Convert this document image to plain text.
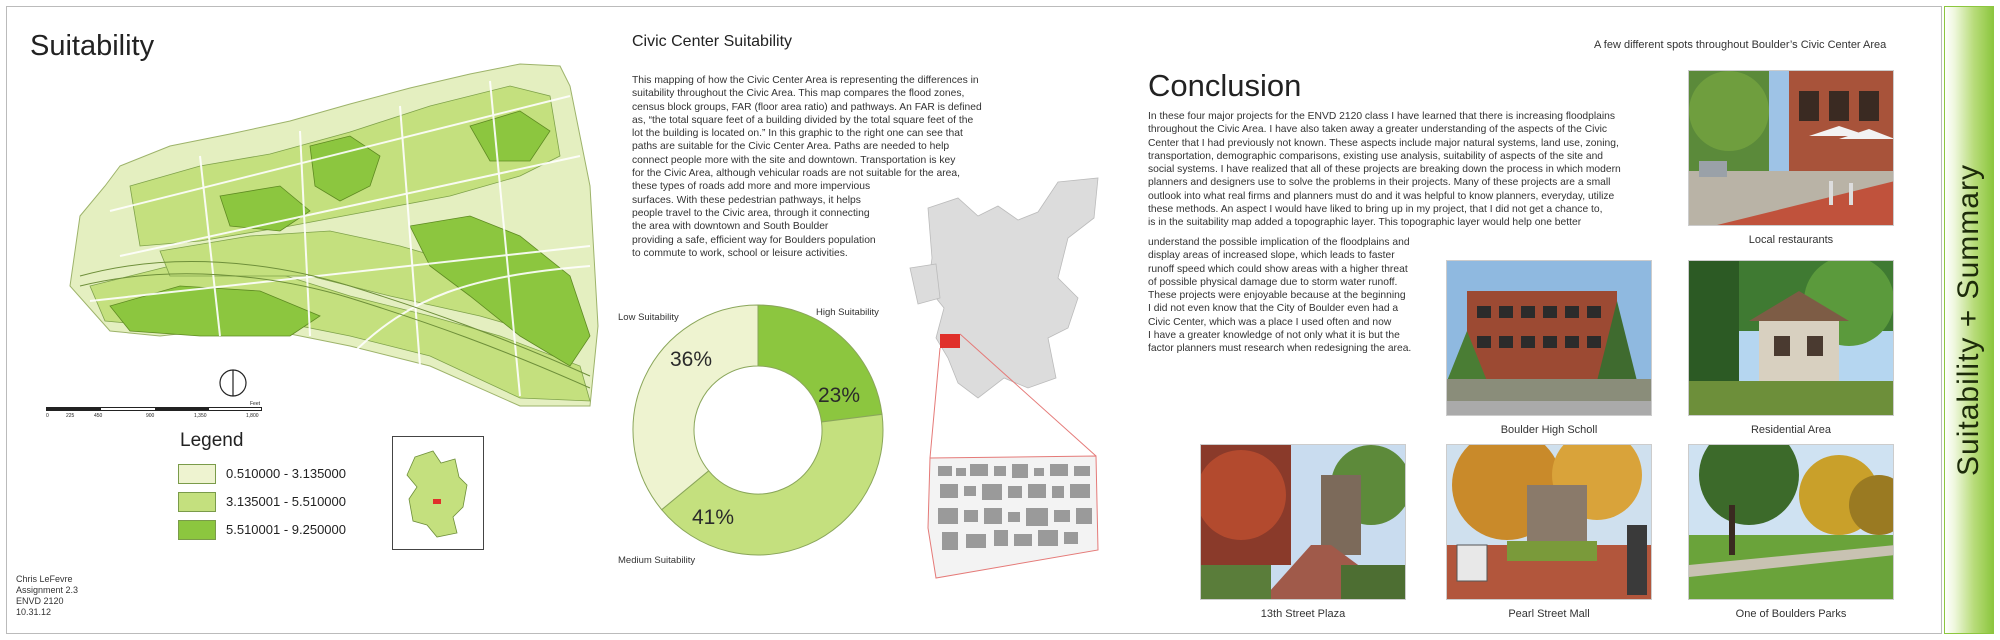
Suitability
0	225	450	900	1,350	1,800
Feet
Legend
0.510000 - 3.135000
3.135001 - 5.510000
5.510001 - 9.250000
Chris LeFevre
Assignment 2.3
ENVD 2120
10.31.12
Civic Center Suitability

This mapping of how the Civic Center Area is representing the differences in

suitability throughout the Civic Area. This map compares the flood zones,

census block groups, FAR (floor area ratio) and pathways. An FAR is defined

as, “the total square feet of a building divided by the total square feet of the

lot the building is located on.” In this graphic to the right one can see that

paths are suitable for the Civic Center Area. Paths are needed to help

connect people more with the site and downtown. Transportation is key

for the Civic Area, although vehicular roads are not suitable for the area,

these types of roads add more and more impervious

surfaces. With these pedestrian pathways, it helps

people travel to the Civic area, through it connecting

the area with downtown and South Boulder

providing a safe, efficient way for Boulders population

to commute to work, school or leisure activities.

Low Suitability	High Suitability
Medium Suitability
36%
23%
41%
Conclusion

In these four major projects for the ENVD 2120 class I have learned that there is increasing floodplains

throughout the Civic Area. I have also taken away a greater understanding of the aspects of the Civic

Center that I had previously not known. These aspects include major natural systems, land use, zoning,

transportation, demographic comparisons, existing use analysis, suitability of aspects of the site and

social systems. I have realized that all of these projects are breaking down the process in which modern

planners and designers use to solve the problems in their projects. Many of these projects are a small

outlook into what real firms and planners must do and it was helpful to know planners, everyday, utilize

these methods. An aspect I would have liked to bring up in my project, that I did not get a chance to,

is in the suitability map added a topographic layer. This topographic layer would help one better

understand the possible implication of the floodplains and

display areas of increased slope, which leads to faster

runoff speed which could show areas with a higher threat

of possible physical damage due to storm water runoff.

These projects were enjoyable because at the beginning

I did not even know that the City of Boulder even had a

Civic Center, which was a place I used often and now

I have a greater knowledge of not only what it is but the

factor planners must research when redesigning the area.

A few different spots throughout Boulder’s Civic Center Area
Local restaurants
Boulder High Scholl	Residential Area
13th Street Plaza	Pearl Street Mall	One of Boulders Parks
Suitability + Summary
